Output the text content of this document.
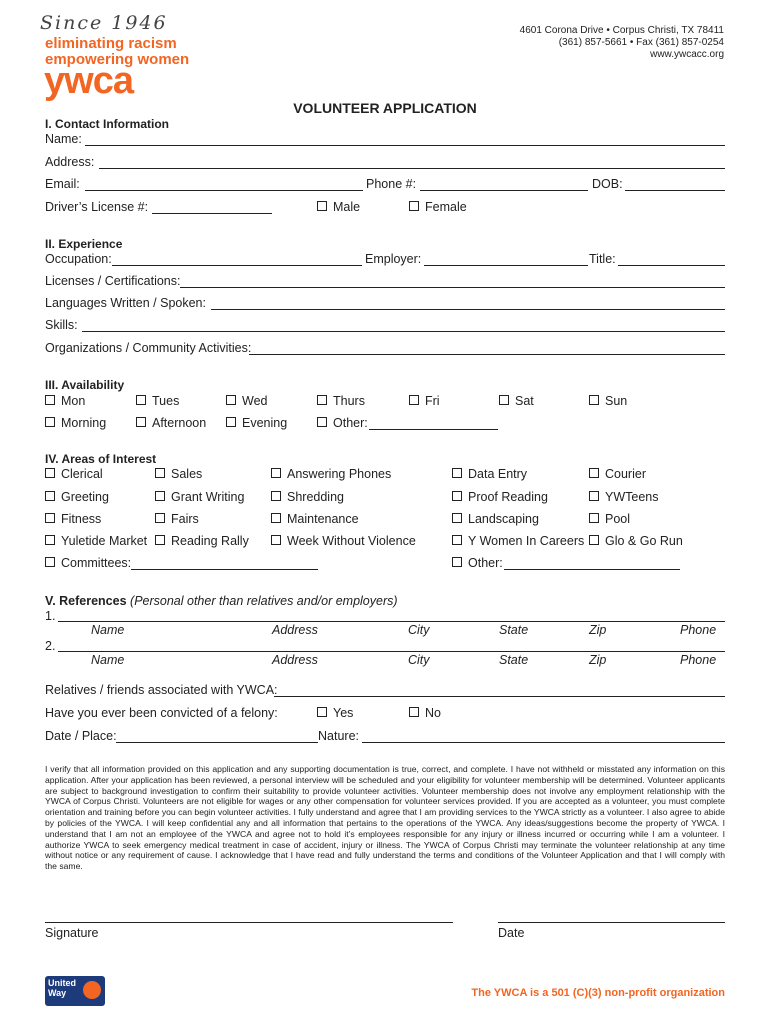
Since 1946
eliminating racism
empowering women
ywca
4601 Corona Drive • Corpus Christi, TX 78411
(361) 857-5661 • Fax (361) 857-0254
www.ywcacc.org
VOLUNTEER APPLICATION
I. Contact Information
Name:
Address:
Email:	Phone #:	DOB:
Driver’s License #:	Male	Female
II. Experience
Occupation:	Employer:	Title:
Licenses / Certifications:
Languages Written / Spoken:
Skills:
Organizations / Community Activities:
III. Availability
Mon	Tues	Wed	Thurs	Fri	Sat	Sun
Morning	Afternoon	Evening	Other:
IV. Areas of Interest
Clerical	Sales	Answering Phones	Data Entry	Courier
Greeting	Grant Writing	Shredding	Proof Reading	YWTeens
Fitness	Fairs	Maintenance	Landscaping	Pool
Yuletide Market	Reading Rally	Week Without Violence	Y Women In Careers	Glo & Go Run
Committees:	Other:
V. References (Personal other than relatives and/or employers)
1.
Name	Address	City	State	Zip	Phone
2.
Name	Address	City	State	Zip	Phone
Relatives / friends associated with YWCA:
Have you ever been convicted of a felony:	Yes	No
Date / Place:	Nature:
I verify that all information provided on this application and any supporting documentation is true, correct, and complete. I have not withheld or misstated any information on this application. After your application has been reviewed, a personal interview will be scheduled and your eligibility for volunteer membership will be determined. Volunteer applicants are subject to background investigation to confirm their suitability to provide volunteer activities. Volunteer membership does not involve any employment relationship with the YWCA of Corpus Christi. Volunteers are not eligible for wages or any other compensation for volunteer services provided. If you are accepted as a volunteer, you must complete orientation and training before you can begin volunteer activities. I fully understand and agree that I am providing services to the YWCA strictly as a volunteer. I also agree to abide by policies of the YWCA. I will keep confidential any and all information that pertains to the operations of the YWCA. Any ideas/suggestions become the property of YWCA. I understand that I am not an employee of the YWCA and agree not to hold it’s employees responsible for any injury or illness incurred or occurring while I am a volunteer. I authorize YWCA to seek emergency medical treatment in case of accident, injury or illness. The YWCA of Corpus Christi may terminate the volunteer relationship at any time without notice or any requirement of cause. I acknowledge that I have read and fully understand the terms and conditions of the Volunteer Application and that I will comply with the same.
Signature	Date
United
Way	The YWCA is a 501 (C)(3) non-profit organization
